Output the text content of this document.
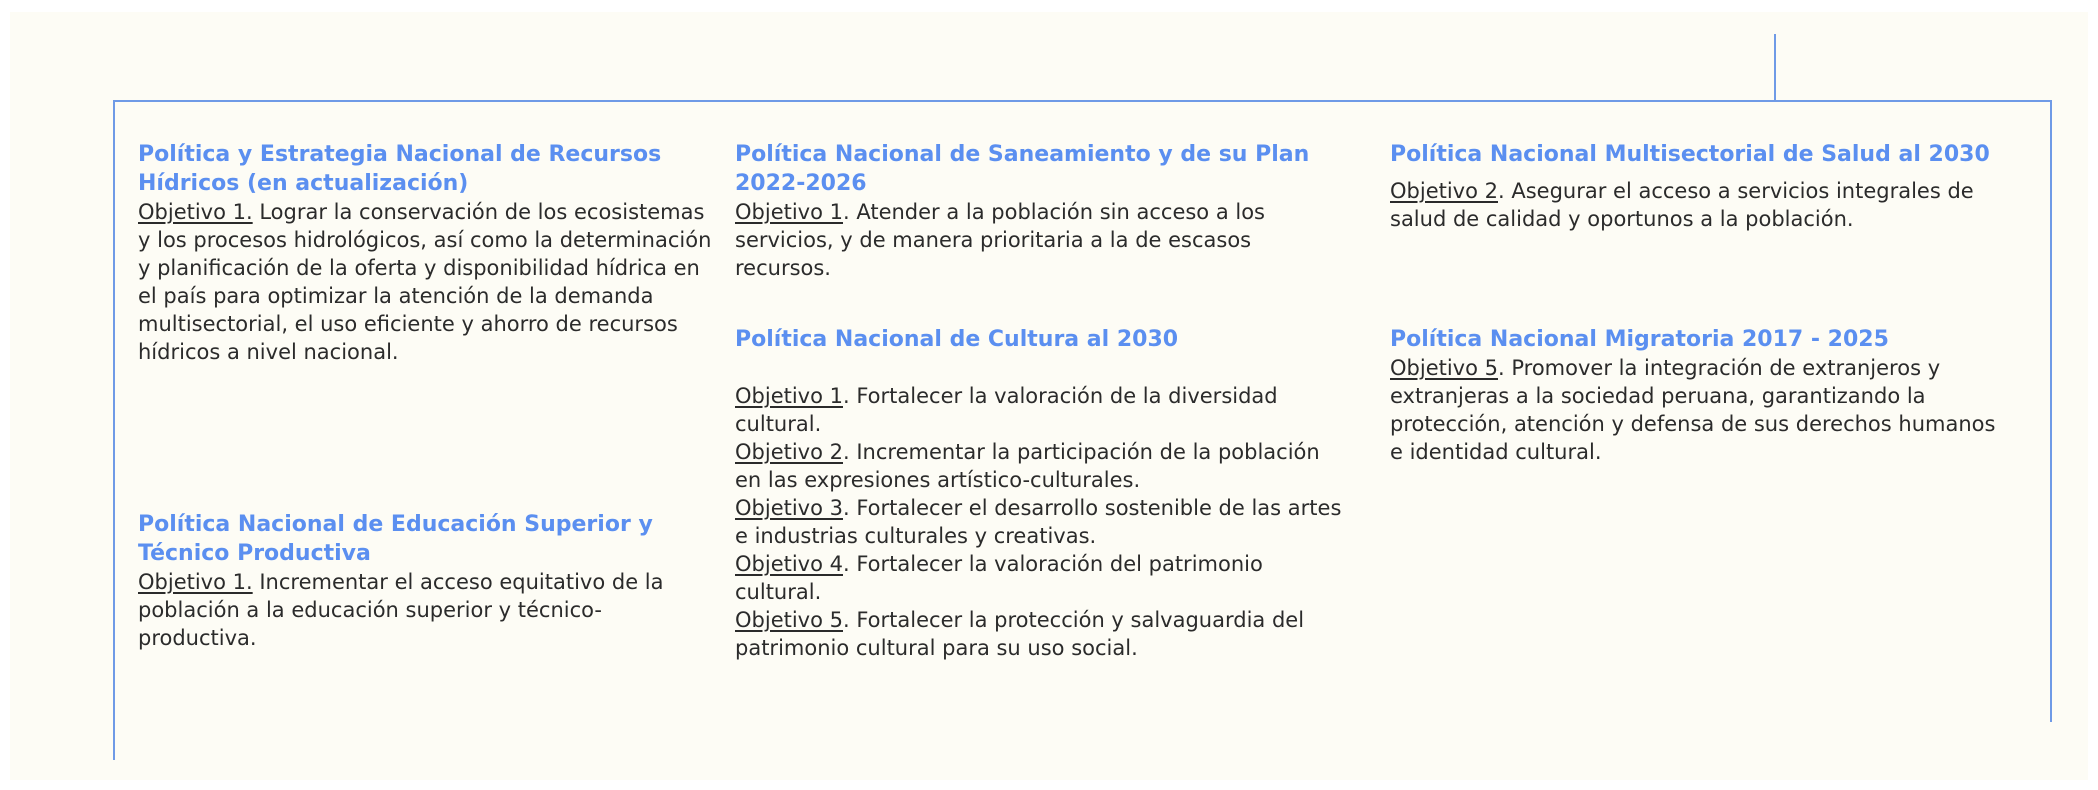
Política y Estrategia Nacional de Recursos Hídricos (en actualización)

Objetivo 1. Lograr la conservación de los ecosistemas y los procesos hidrológicos, así como la determinación y planificación de la oferta y disponibilidad hídrica en el país para optimizar la atención de la demanda multisectorial, el uso eficiente y ahorro de recursos hídricos a nivel nacional.

Política Nacional de Educación Superior y Técnico Productiva

Objetivo 1. Incrementar el acceso equitativo de la población a la educación superior y técnico-productiva.

Política Nacional de Saneamiento y de su Plan 2022-2026

Objetivo 1. Atender a la población sin acceso a los servicios, y de manera prioritaria a la de escasos recursos.

Política Nacional de Cultura al 2030

Objetivo 1. Fortalecer la valoración de la diversidad cultural.

Objetivo 2. Incrementar la participación de la población en las expresiones artístico-culturales.

Objetivo 3. Fortalecer el desarrollo sostenible de las artes e industrias culturales y creativas.

Objetivo 4. Fortalecer la valoración del patrimonio cultural.

Objetivo 5. Fortalecer la protección y salvaguardia del patrimonio cultural para su uso social.

Política Nacional Multisectorial de Salud al 2030

Objetivo 2. Asegurar el acceso a servicios integrales de salud de calidad y oportunos a la población.

Política Nacional Migratoria 2017 - 2025

Objetivo 5. Promover la integración de extranjeros y extranjeras a la sociedad peruana, garantizando la protección, atención y defensa de sus derechos humanos e identidad cultural.
